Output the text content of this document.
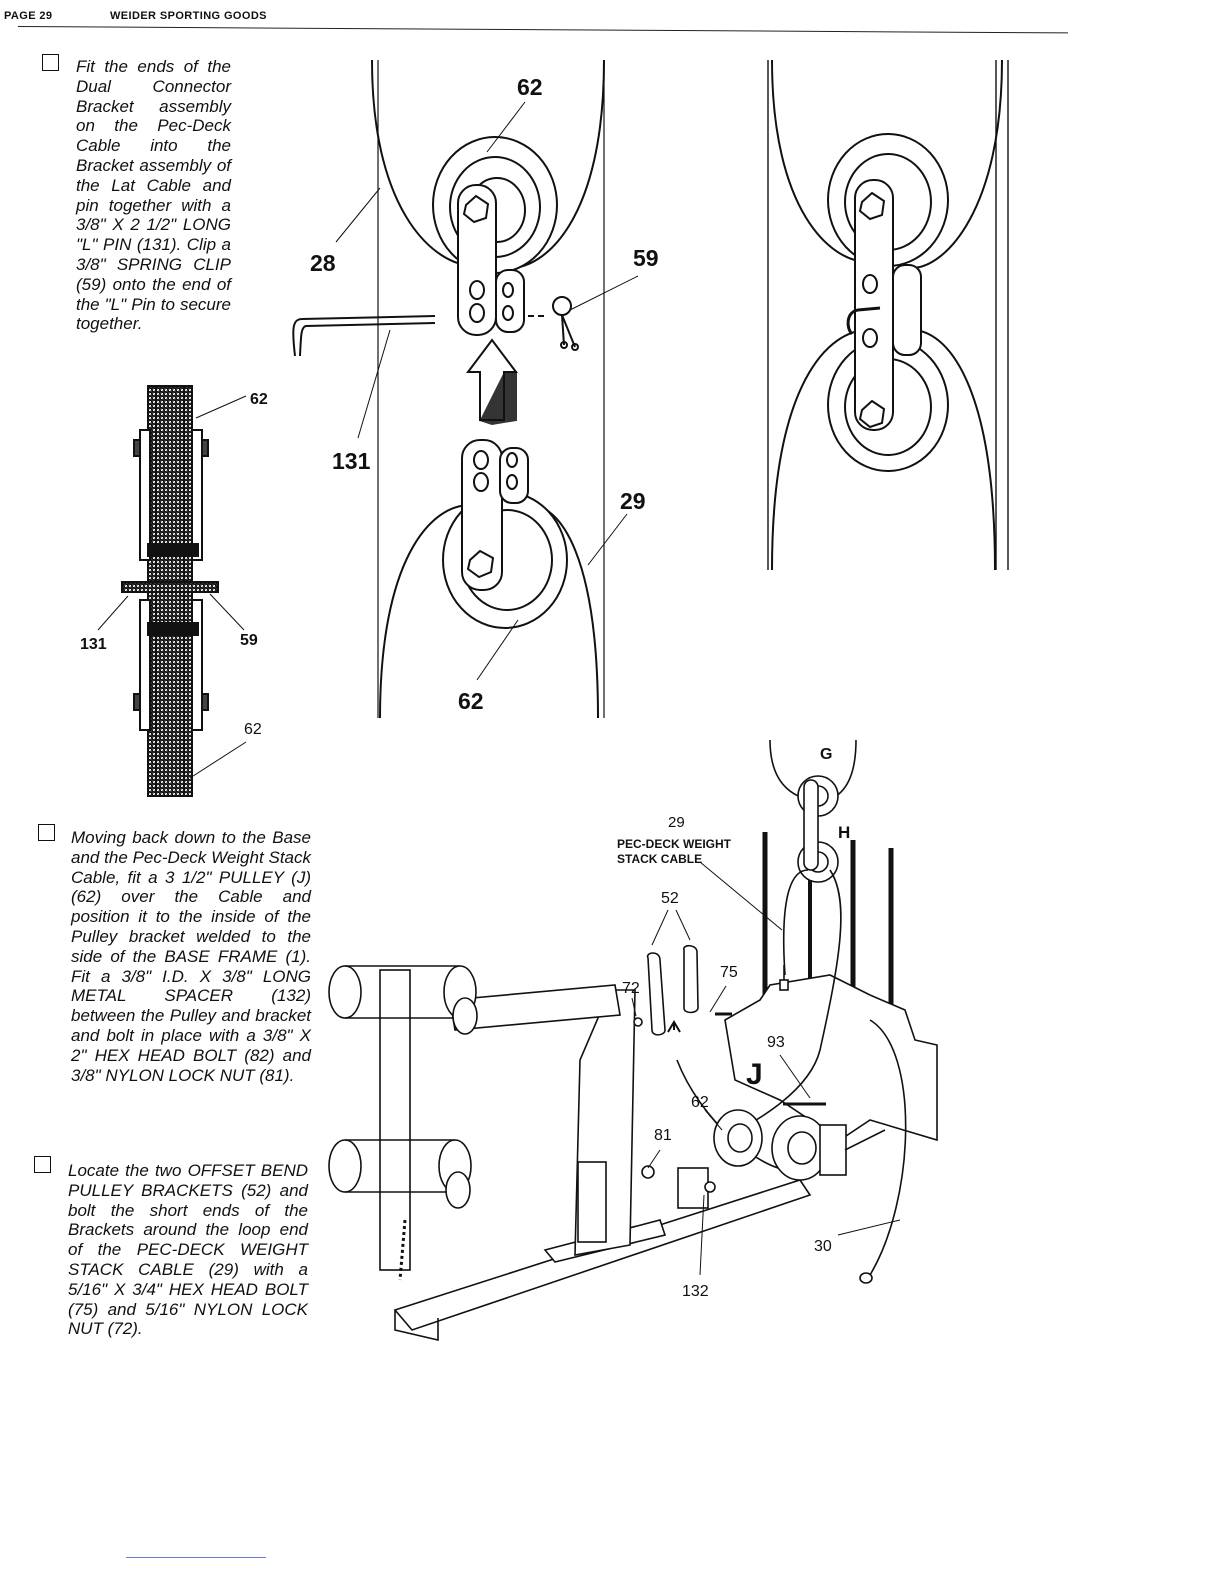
PAGE 29	WEIDER SPORTING GOODS
Fit the ends of the Dual Connector Bracket assembly on the Pec-Deck Cable into the Bracket assembly of the Lat Cable and pin together with a 3/8" X 2 1/2" LONG "L" PIN (131). Clip a 3/8" SPRING CLIP (59) onto the end of the "L" Pin to secure together.
Moving back down to the Base and the Pec-Deck Weight Stack Cable, fit a 3 1/2" PULLEY (J) (62) over the Cable and position it to the inside of the Pulley bracket welded to the side of the BASE FRAME (1). Fit a 3/8" I.D. X 3/8" LONG METAL SPACER (132) between the Pulley and bracket and bolt in place with a 3/8" X 2" HEX HEAD BOLT (82) and 3/8" NYLON LOCK NUT (81).
Locate the two OFFSET BEND PULLEY BRACKETS (52) and bolt the short ends of the Brackets around the loop end of the PEC-DECK WEIGHT STACK CABLE (29) with a 5/16" X 3/4" HEX HEAD BOLT (75) and 5/16" NYLON LOCK NUT (72).
62
28	59
131
29
62
62
131	59
62
G
H
J
29
PEC-DECK WEIGHT
STACK CABLE
52
72
75
93
62
81
30
132
